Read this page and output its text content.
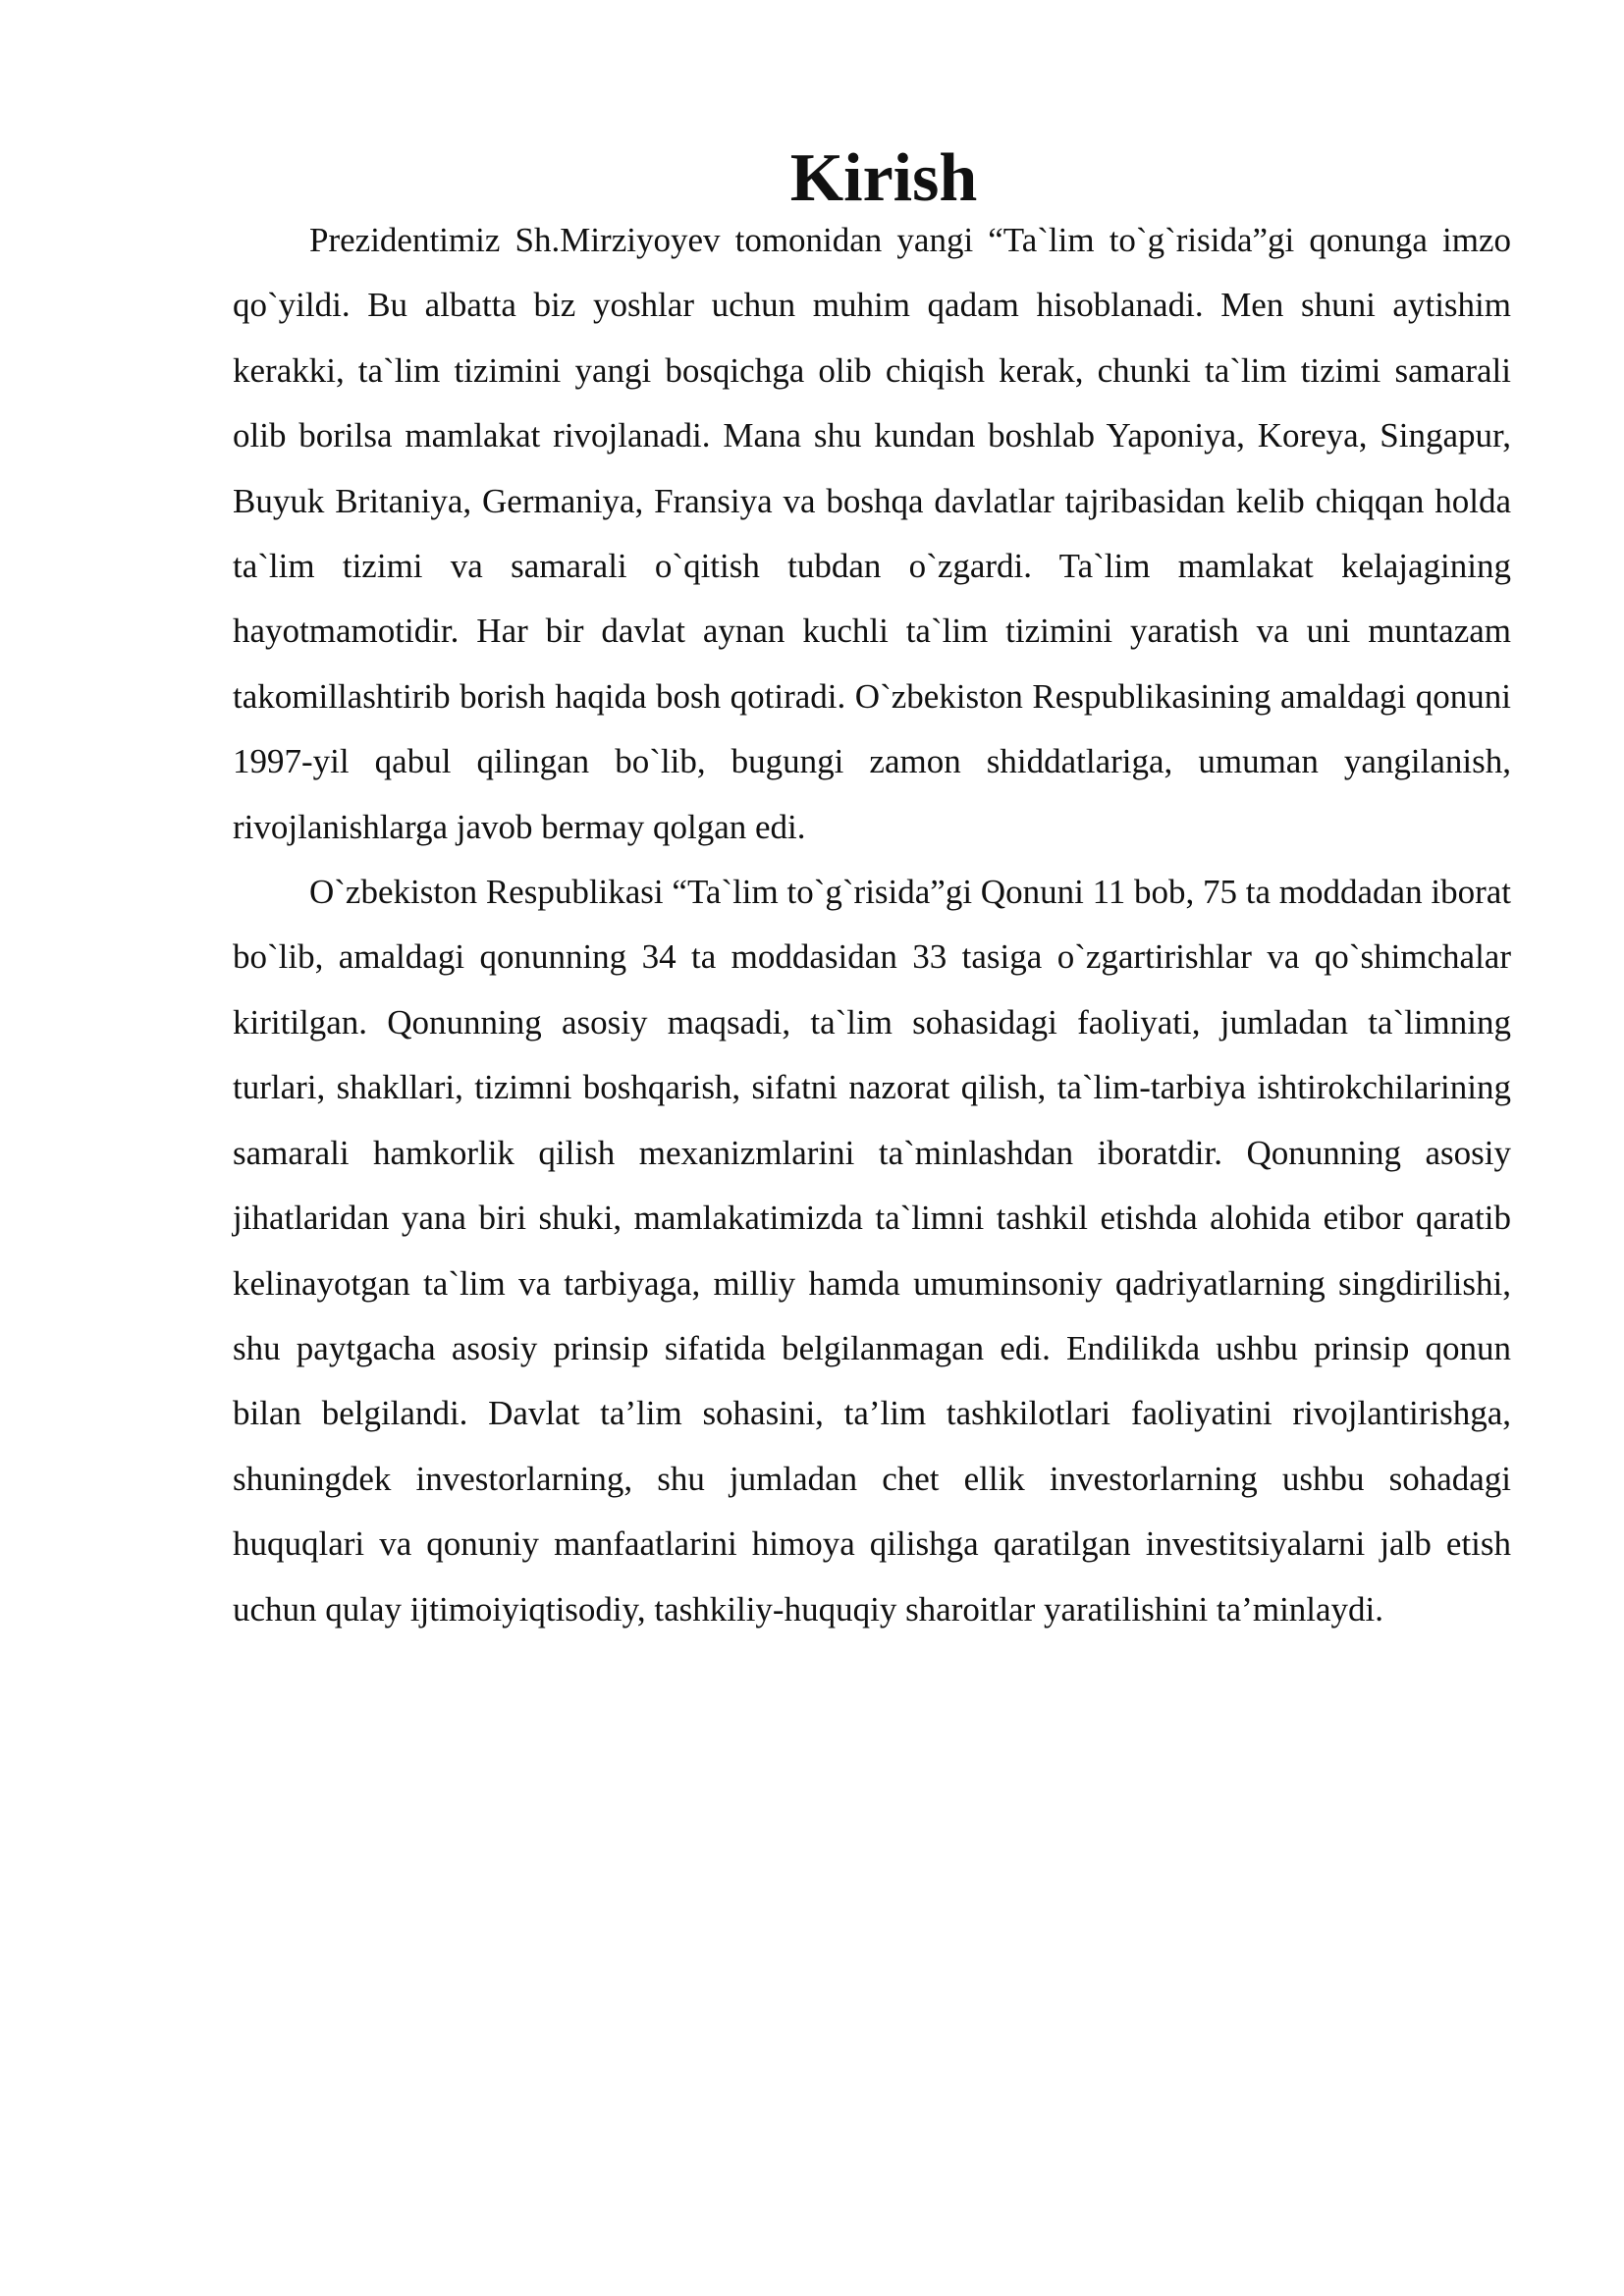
Kirish

Prezidentimiz Sh.Mirziyoyev tomonidan yangi “Ta`lim to`g`risida”gi qonunga imzo qo`yildi. Bu albatta biz yoshlar uchun muhim qadam hisoblanadi. Men shuni aytishim kerakki, ta`lim tizimini yangi bosqichga olib chiqish kerak, chunki ta`lim tizimi samarali olib borilsa mamlakat rivojlanadi. Mana shu kundan boshlab Yaponiya, Koreya, Singapur, Buyuk Britaniya, Germaniya, Fransiya va boshqa davlatlar tajribasidan kelib chiqqan holda ta`lim tizimi va samarali o`qitish tubdan o`zgardi. Ta`lim mamlakat kelajagining hayotmamotidir. Har bir davlat aynan kuchli ta`lim tizimini yaratish va uni muntazam takomillashtirib borish haqida bosh qotiradi. O`zbekiston Respublikasining amaldagi qonuni 1997-yil qabul qilingan bo`lib, bugungi zamon shiddatlariga, umuman yangilanish, rivojlanishlarga javob bermay qolgan edi.

O`zbekiston Respublikasi “Ta`lim to`g`risida”gi Qonuni 11 bob, 75 ta moddadan iborat bo`lib, amaldagi qonunning 34 ta moddasidan 33 tasiga o`zgartirishlar va qo`shimchalar kiritilgan. Qonunning asosiy maqsadi, ta`lim sohasidagi faoliyati, jumladan ta`limning turlari, shakllari, tizimni boshqarish, sifatni nazorat qilish, ta`lim-tarbiya ishtirokchilarining samarali hamkorlik qilish mexanizmlarini ta`minlashdan iboratdir. Qonunning asosiy jihatlaridan yana biri shuki, mamlakatimizda ta`limni tashkil etishda alohida etibor qaratib kelinayotgan ta`lim va tarbiyaga, milliy hamda umuminsoniy qadriyatlarning singdirilishi, shu paytgacha asosiy prinsip sifatida belgilanmagan edi. Endilikda ushbu prinsip qonun bilan belgilandi. Davlat ta’lim sohasini, ta’lim tashkilotlari faoliyatini rivojlantirishga, shuningdek investorlarning, shu jumladan chet ellik investorlarning ushbu sohadagi huquqlari va qonuniy manfaatlarini himoya qilishga qaratilgan investitsiyalarni jalb etish uchun qulay ijtimoiyiqtisodiy, tashkiliy-huquqiy sharoitlar yaratilishini ta’minlaydi.
